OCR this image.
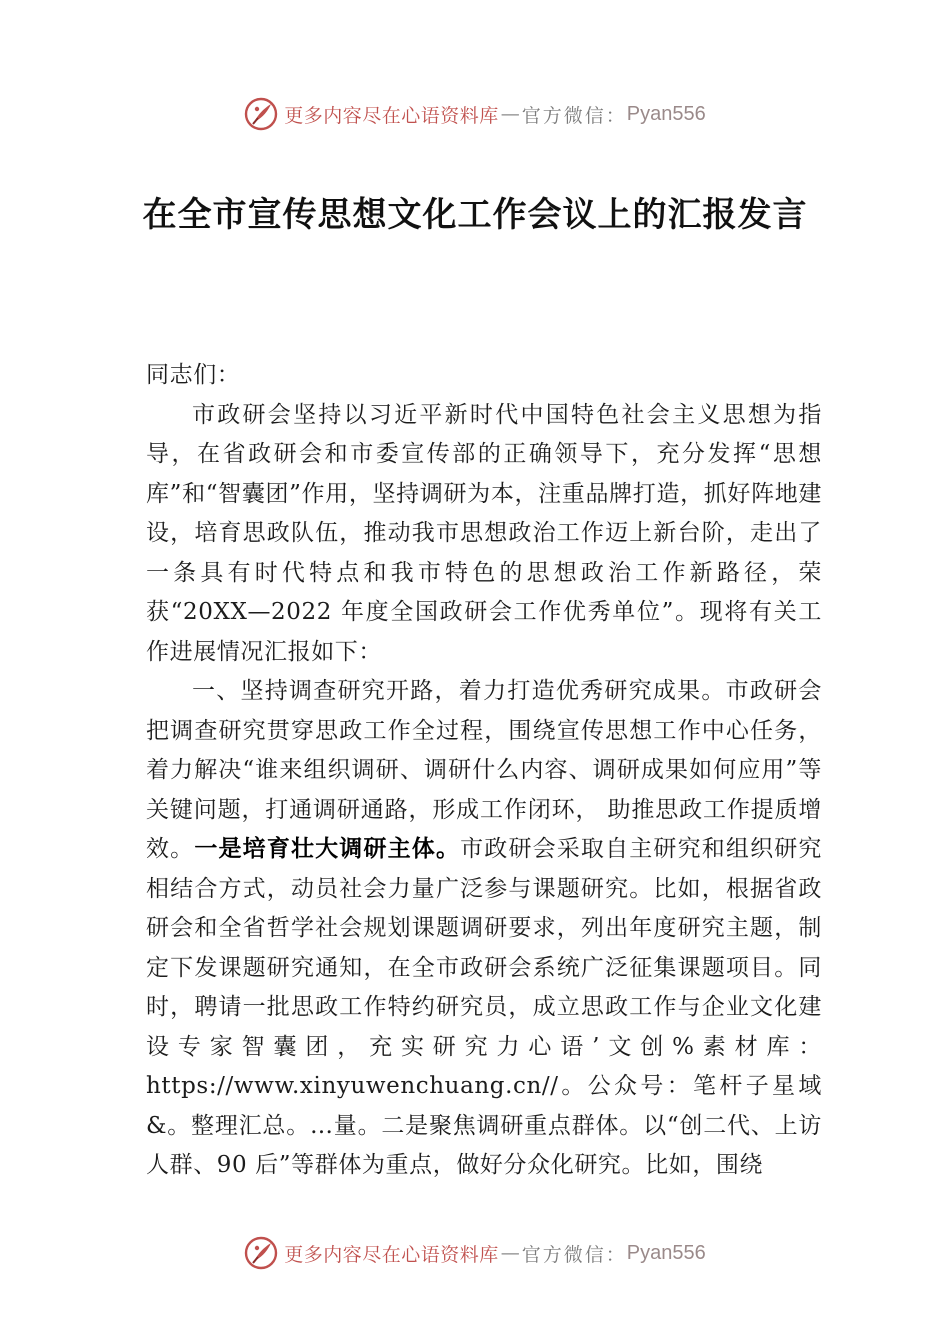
更多内容尽在心语资料库 — 官方微信： Pyan556
在全市宣传思想文化工作会议上的汇报发言

同志们：

市政研会坚持以习近平新时代中国特色社会主义思想为指导，在省政研会和市委宣传部的正确领导下，充分发挥“思想库”和“智囊团”作用，坚持调研为本，注重品牌打造，抓好阵地建设，培育思政队伍，推动我市思想政治工作迈上新台阶，走出了一条具有时代特点和我市特色的思想政治工作新路径，荣获“20XX—2022 年度全国政研会工作优秀单位”。现将有关工作进展情况汇报如下：

一、坚持调查研究开路，着力打造优秀研究成果。市政研会把调查研究贯穿思政工作全过程，围绕宣传思想工作中心任务，着力解决“谁来组织调研、调研什么内容、调研成果如何应用”等关键问题，打通调研通路，形成工作闭环， 助推思政工作提质增效。一是培育壮大调研主体。市政研会采取自主研究和组织研究相结合方式，动员社会力量广泛参与课题研究。比如，根据省政研会和全省哲学社会规划课题调研要求，列出年度研究主题，制定下发课题研究通知，在全市政研会系统广泛征集课题项目。同时，聘请一批思政工作特约研究员，成立思政工作与企业文化建设专家智囊团，充实研究力心语’文创%素材库：https://www.xinyuwenchuang.cn//。公众号：笔杆子星域&。整理汇总。…量。二是聚焦调研重点群体。以“创二代、上访人群、90 后”等群体为重点，做好分众化研究。比如，围绕

更多内容尽在心语资料库 — 官方微信： Pyan556
